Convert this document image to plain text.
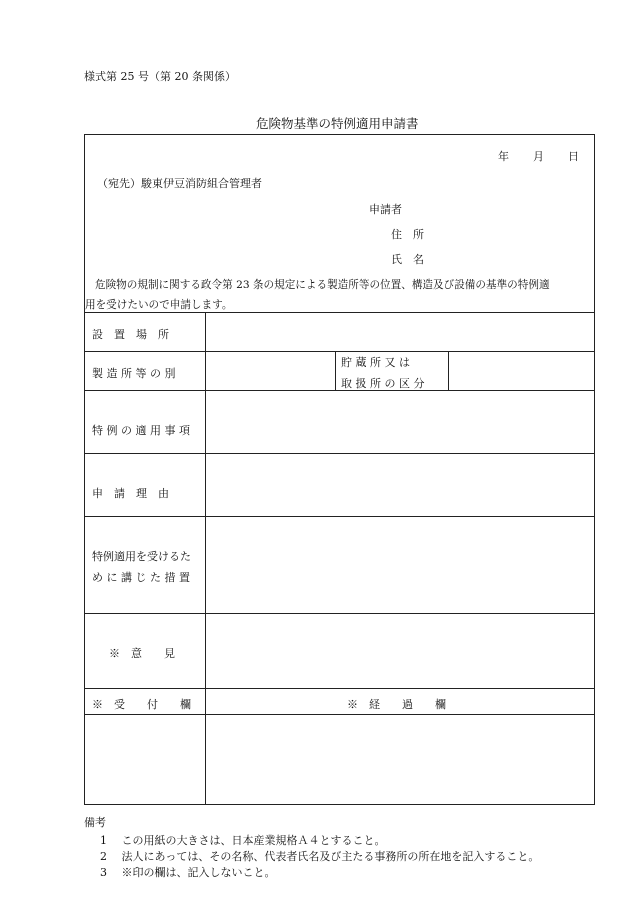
様式第 25 号（第 20 条関係）
危険物基準の特例適用申請書
年 月 日
（宛先）駿東伊豆消防組合管理者
申請者
住　所
氏　名
危険物の規制に関する政令第 23 条の規定による製造所等の位置、構造及び設備の基準の特例適
用を受けたいので申請します。
設　置　場　所
製 造 所 等 の 別
貯 蔵 所 又 は
取 扱 所 の 区 分
特 例 の 適 用 事 項
申　請　理　由
特例適用を受けるた
め に 講 じ た 措 置
※　意　　見
※　受　　付　　欄	※　経　　過　　欄
備考
1　 この用紙の大きさは、日本産業規格Ａ４とすること。
2　 法人にあっては、その名称、代表者氏名及び主たる事務所の所在地を記入すること。
3　 ※印の欄は、記入しないこと。
